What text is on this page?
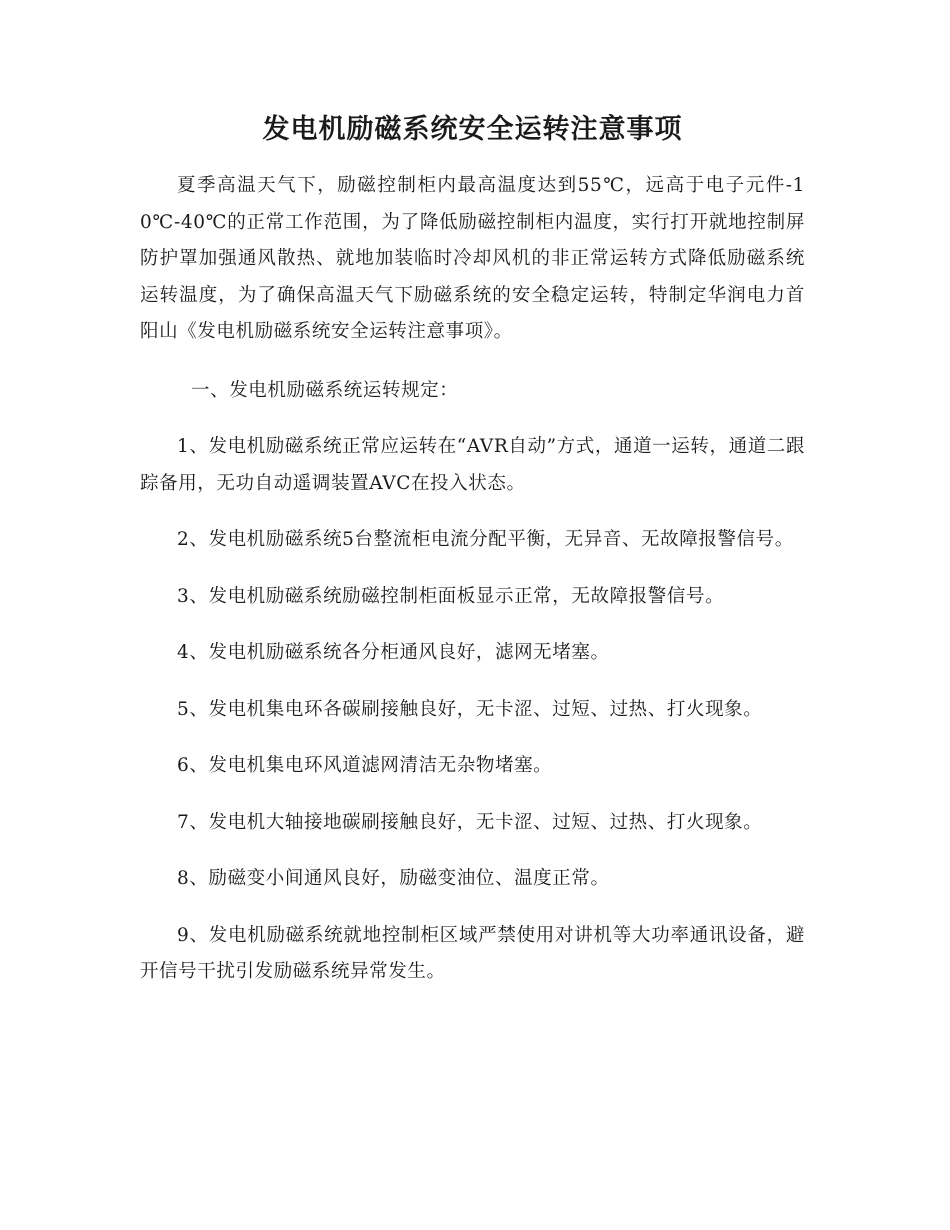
发电机励磁系统安全运转注意事项

夏季高温天气下，励磁控制柜内最高温度达到55℃，远高于电子元件-10℃-40℃的正常工作范围，为了降低励磁控制柜内温度，实行打开就地控制屏防护罩加强通风散热、就地加装临时冷却风机的非正常运转方式降低励磁系统运转温度，为了确保高温天气下励磁系统的安全稳定运转，特制定华润电力首阳山《发电机励磁系统安全运转注意事项》。

一、发电机励磁系统运转规定：

1、发电机励磁系统正常应运转在“AVR自动”方式，通道一运转，通道二跟踪备用，无功自动遥调装置AVC在投入状态。

2、发电机励磁系统5台整流柜电流分配平衡，无异音、无故障报警信号。

3、发电机励磁系统励磁控制柜面板显示正常，无故障报警信号。

4、发电机励磁系统各分柜通风良好，滤网无堵塞。

5、发电机集电环各碳刷接触良好，无卡涩、过短、过热、打火现象。

6、发电机集电环风道滤网清洁无杂物堵塞。

7、发电机大轴接地碳刷接触良好，无卡涩、过短、过热、打火现象。

8、励磁变小间通风良好，励磁变油位、温度正常。

9、发电机励磁系统就地控制柜区域严禁使用对讲机等大功率通讯设备，避开信号干扰引发励磁系统异常发生。
